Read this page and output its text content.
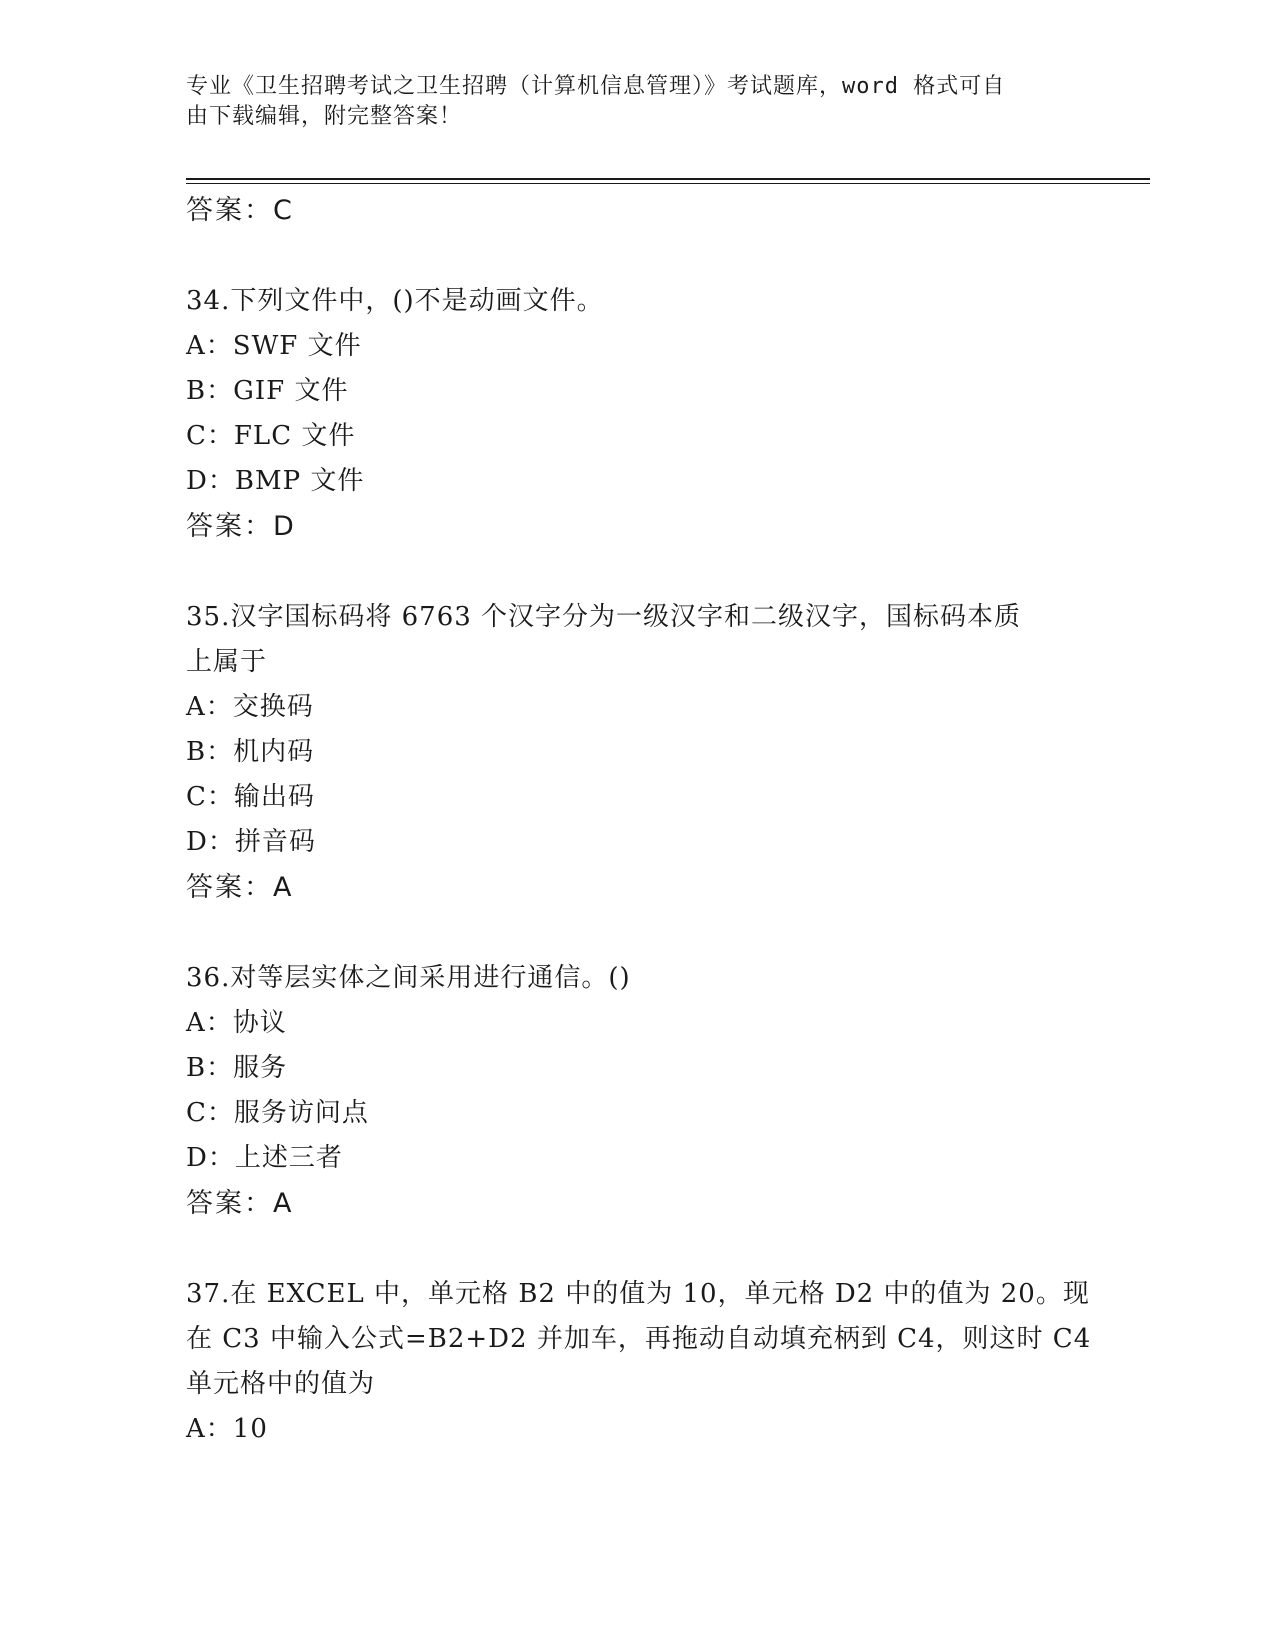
专业《卫生招聘考试之卫生招聘（计算机信息管理）》考试题库，word 格式可自
由下载编辑，附完整答案！
答案：C
34.下列文件中，()不是动画文件。
A：SWF 文件
B：GIF 文件
C：FLC 文件
D：BMP 文件
答案：D
35.汉字国标码将 6763 个汉字分为一级汉字和二级汉字，国标码本质
上属于
A：交换码
B：机内码
C：输出码
D：拼音码
答案：A
36.对等层实体之间采用进行通信。()
A：协议
B：服务
C：服务访问点
D：上述三者
答案：A
37.在 EXCEL 中，单元格 B2 中的值为 10，单元格 D2 中的值为 20。现
在 C3 中输入公式=B2+D2 并加车，再拖动自动填充柄到 C4，则这时 C4
单元格中的值为
A：10
